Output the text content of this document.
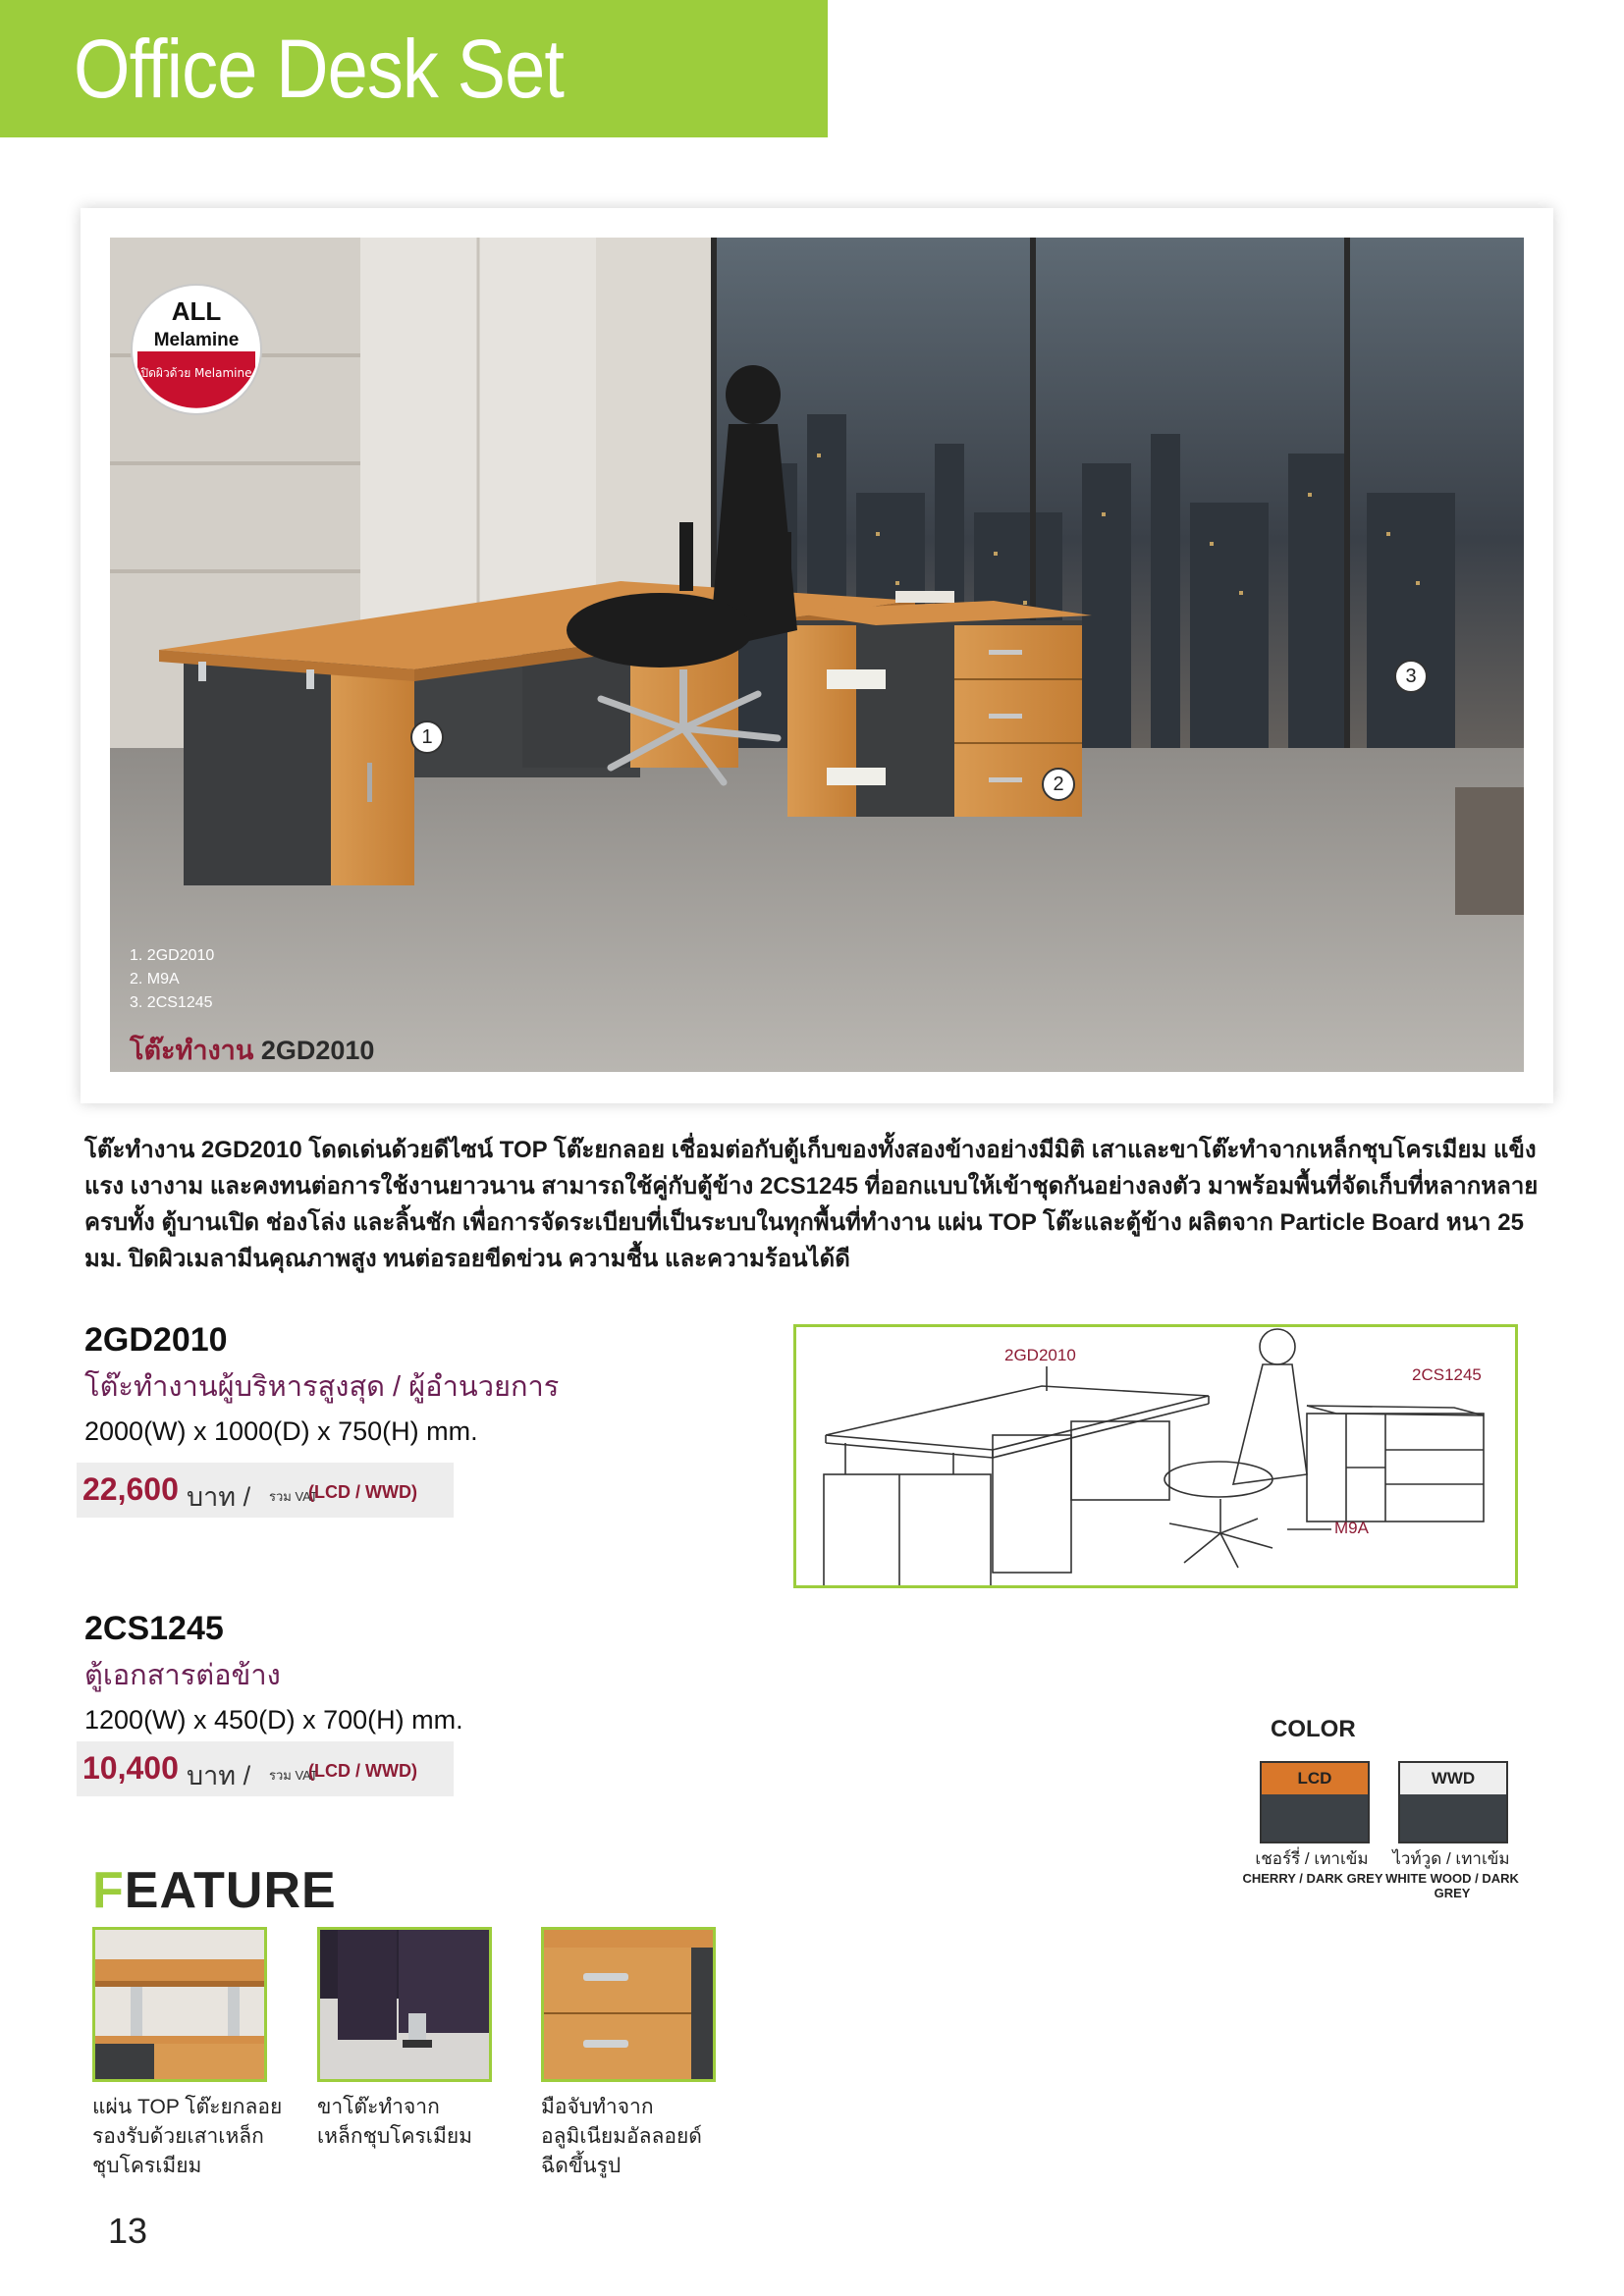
Office Desk Set
ALL
Melamine
ปิดผิวด้วย Melamine
1
2
3
1. 2GD2010
2. M9A
3. 2CS1245
โต๊ะทำงาน 2GD2010
โต๊ะทำงาน 2GD2010 โดดเด่นด้วยดีไซน์ TOP โต๊ะยกลอย เชื่อมต่อกับตู้เก็บของทั้งสองข้างอย่างมีมิติ เสาและขาโต๊ะทำจากเหล็กชุบโครเมียม แข็งแรง เงางาม และคงทนต่อการใช้งานยาวนาน สามารถใช้คู่กับตู้ข้าง 2CS1245 ที่ออกแบบให้เข้าชุดกันอย่างลงตัว มาพร้อมพื้นที่จัดเก็บที่หลากหลาย ครบทั้ง ตู้บานเปิด ช่องโล่ง และลิ้นชัก เพื่อการจัดระเบียบที่เป็นระบบในทุกพื้นที่ทำงาน แผ่น TOP โต๊ะและตู้ข้าง ผลิตจาก Particle Board หนา 25 มม. ปิดผิวเมลามีนคุณภาพสูง ทนต่อรอยขีดข่วน ความชื้น และความร้อนได้ดี
2GD2010
โต๊ะทำงานผู้บริหารสูงสุด / ผู้อำนวยการ
2000(W) x 1000(D) x 750(H) mm.
22,600 บาท / รวม VAT
(LCD / WWD)
2CS1245
ตู้เอกสารต่อข้าง
1200(W) x 450(D) x 700(H) mm.
10,400 บาท / รวม VAT
(LCD / WWD)
2GD2010
2CS1245
M9A
COLOR
LCD	WWD
เชอร์รี่ / เทาเข้ม	ไวท์วูด / เทาเข้ม
CHERRY / DARK GREY WHITE WOOD / DARK GREY
FEATURE
แผ่น TOP โต๊ะยกลอย
รองรับด้วยเสาเหล็ก
ชุบโครเมียม
ขาโต๊ะทำจาก
เหล็กชุบโครเมียม
มือจับทำจาก
อลูมิเนียมอัลลอยด์
ฉีดขึ้นรูป
13
